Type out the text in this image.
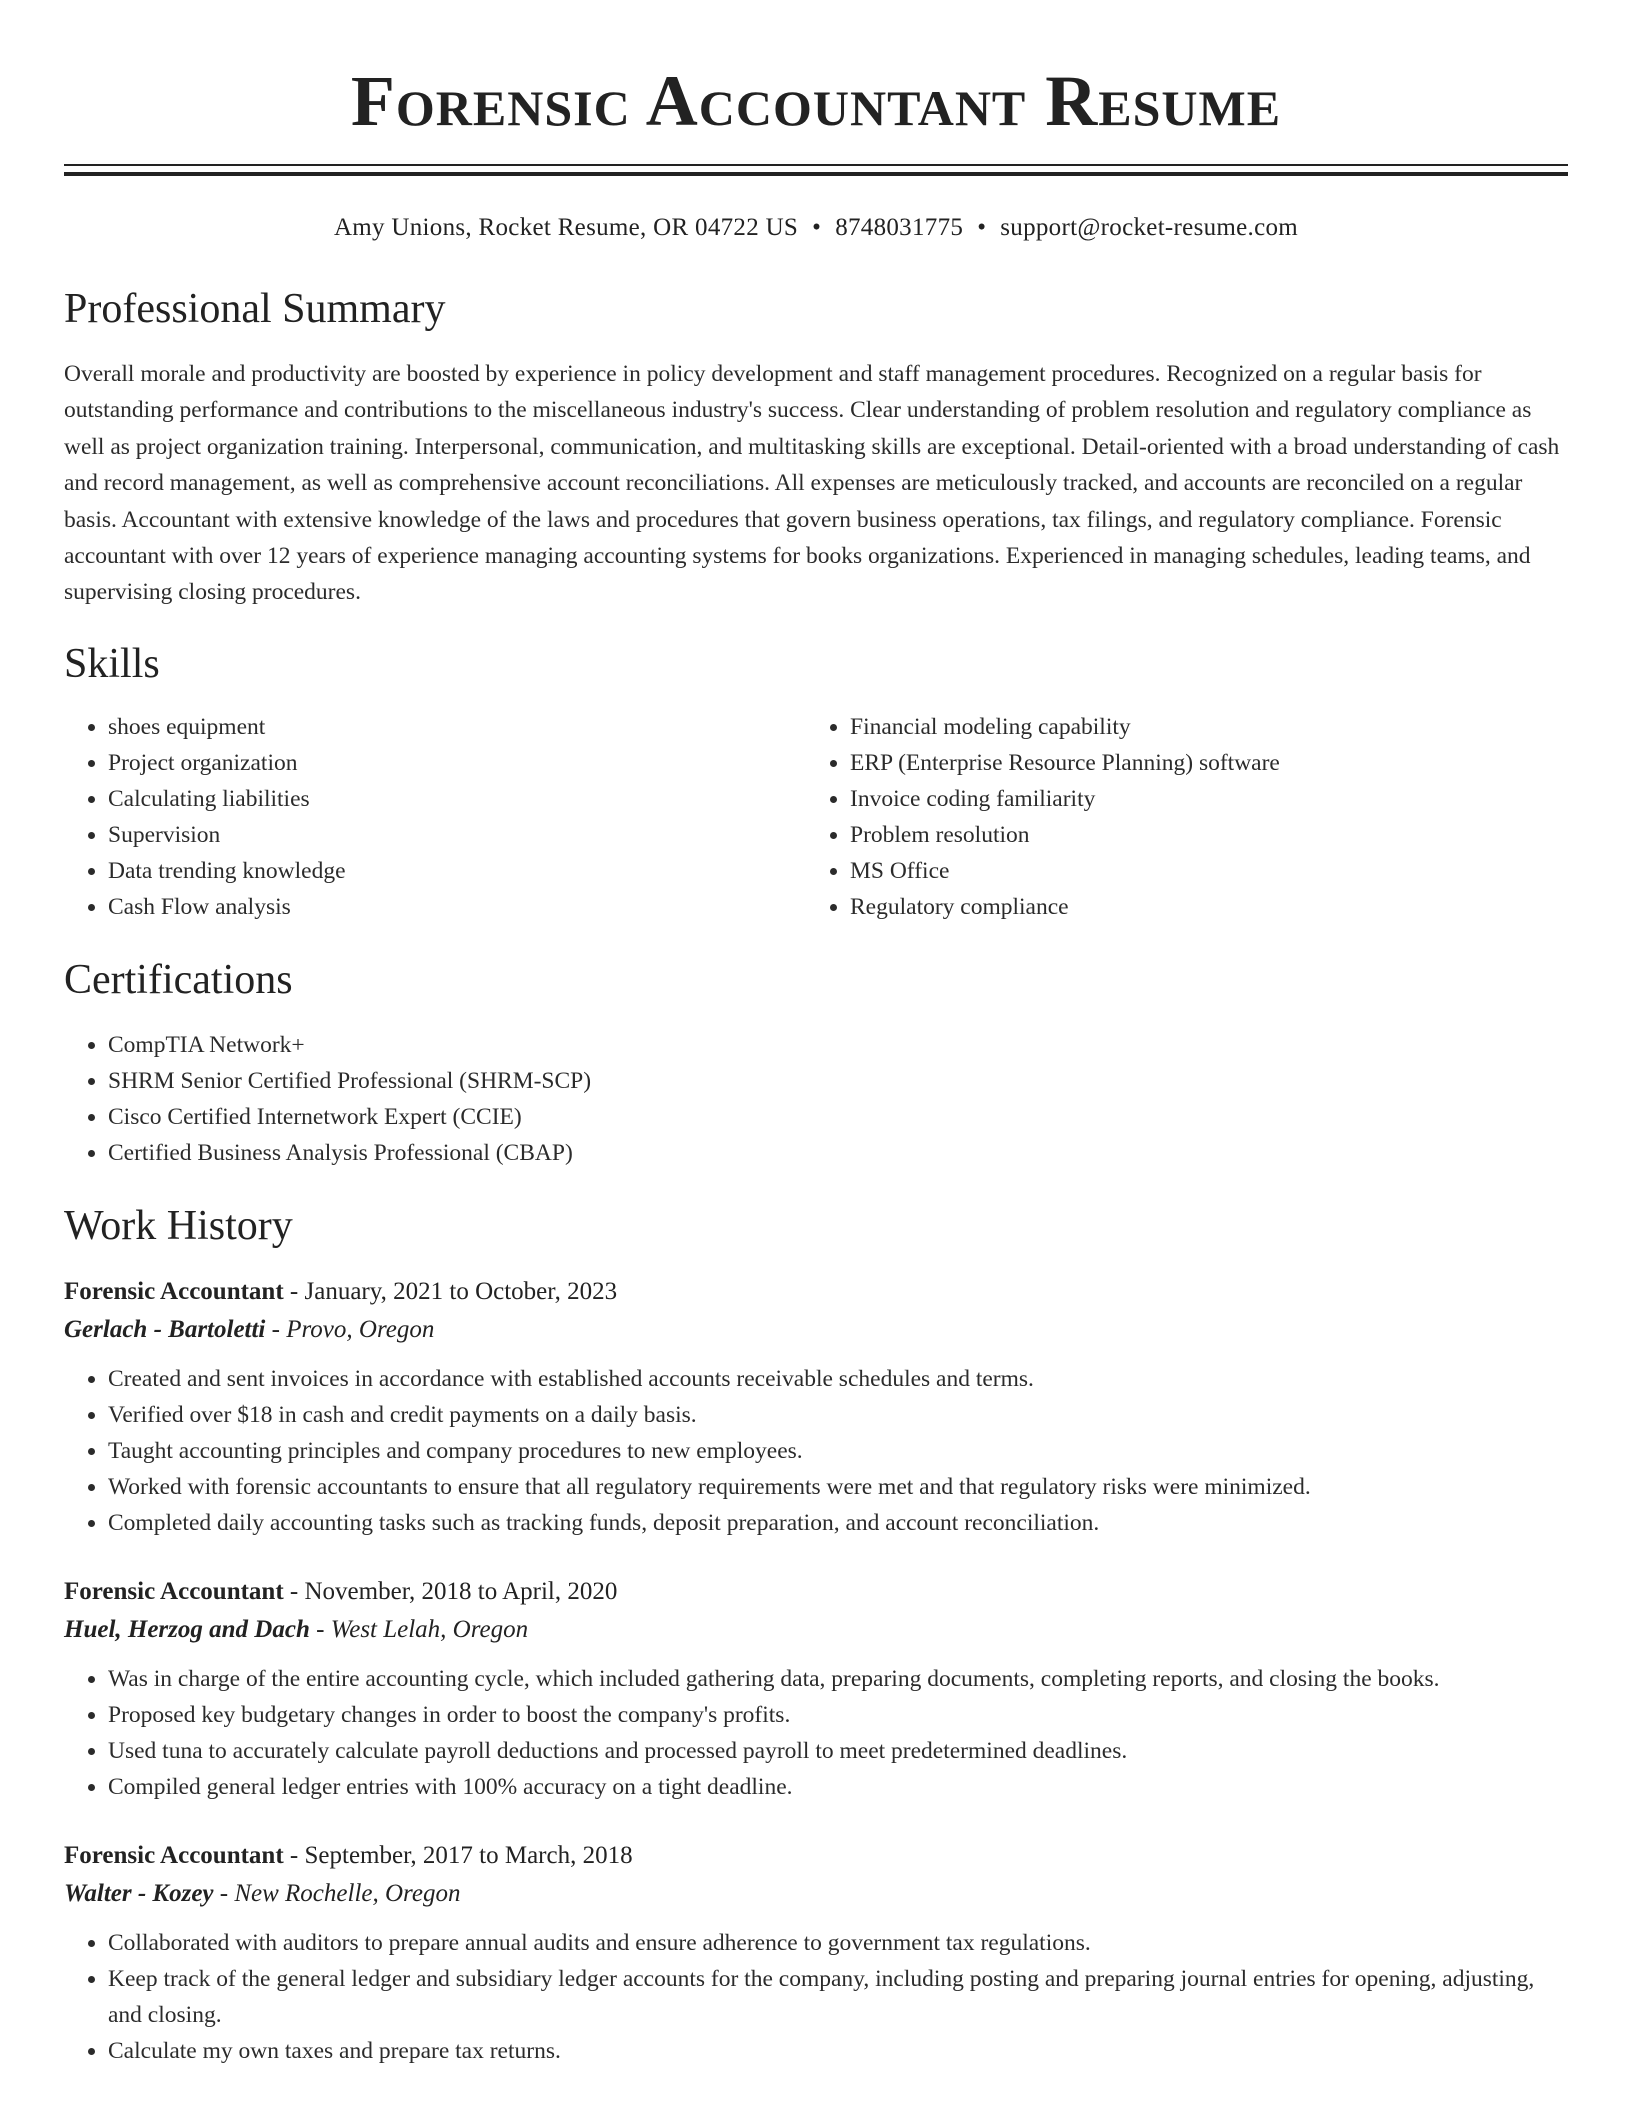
Forensic Accountant Resume
Amy Unions, Rocket Resume, OR 04722 US • 8748031775 • support@rocket-resume.com
Professional Summary

Overall morale and productivity are boosted by experience in policy development and staff management procedures. Recognized on a regular basis for outstanding performance and contributions to the miscellaneous industry's success. Clear understanding of problem resolution and regulatory compliance as well as project organization training. Interpersonal, communication, and multitasking skills are exceptional. Detail-oriented with a broad understanding of cash and record management, as well as comprehensive account reconciliations. All expenses are meticulously tracked, and accounts are reconciled on a regular basis. Accountant with extensive knowledge of the laws and procedures that govern business operations, tax filings, and regulatory compliance. Forensic accountant with over 12 years of experience managing accounting systems for books organizations. Experienced in managing schedules, leading teams, and supervising closing procedures.

Skills
• shoes equipment
• Project organization
• Calculating liabilities
• Supervision
• Data trending knowledge
• Cash Flow analysis
• Financial modeling capability
• ERP (Enterprise Resource Planning) software
• Invoice coding familiarity
• Problem resolution
• MS Office
• Regulatory compliance
Certifications
• CompTIA Network+
• SHRM Senior Certified Professional (SHRM-SCP)
• Cisco Certified Internetwork Expert (CCIE)
• Certified Business Analysis Professional (CBAP)
Work History
Forensic Accountant - January, 2021 to October, 2023
Gerlach - Bartoletti - Provo, Oregon
• Created and sent invoices in accordance with established accounts receivable schedules and terms.
• Verified over $18 in cash and credit payments on a daily basis.
• Taught accounting principles and company procedures to new employees.
• Worked with forensic accountants to ensure that all regulatory requirements were met and that regulatory risks were minimized.
• Completed daily accounting tasks such as tracking funds, deposit preparation, and account reconciliation.
Forensic Accountant - November, 2018 to April, 2020
Huel, Herzog and Dach - West Lelah, Oregon
• Was in charge of the entire accounting cycle, which included gathering data, preparing documents, completing reports, and closing the books.
• Proposed key budgetary changes in order to boost the company's profits.
• Used tuna to accurately calculate payroll deductions and processed payroll to meet predetermined deadlines.
• Compiled general ledger entries with 100% accuracy on a tight deadline.
Forensic Accountant - September, 2017 to March, 2018
Walter - Kozey - New Rochelle, Oregon
• Collaborated with auditors to prepare annual audits and ensure adherence to government tax regulations.
• Keep track of the general ledger and subsidiary ledger accounts for the company, including posting and preparing journal entries for opening, adjusting, and closing.
• Calculate my own taxes and prepare tax returns.
